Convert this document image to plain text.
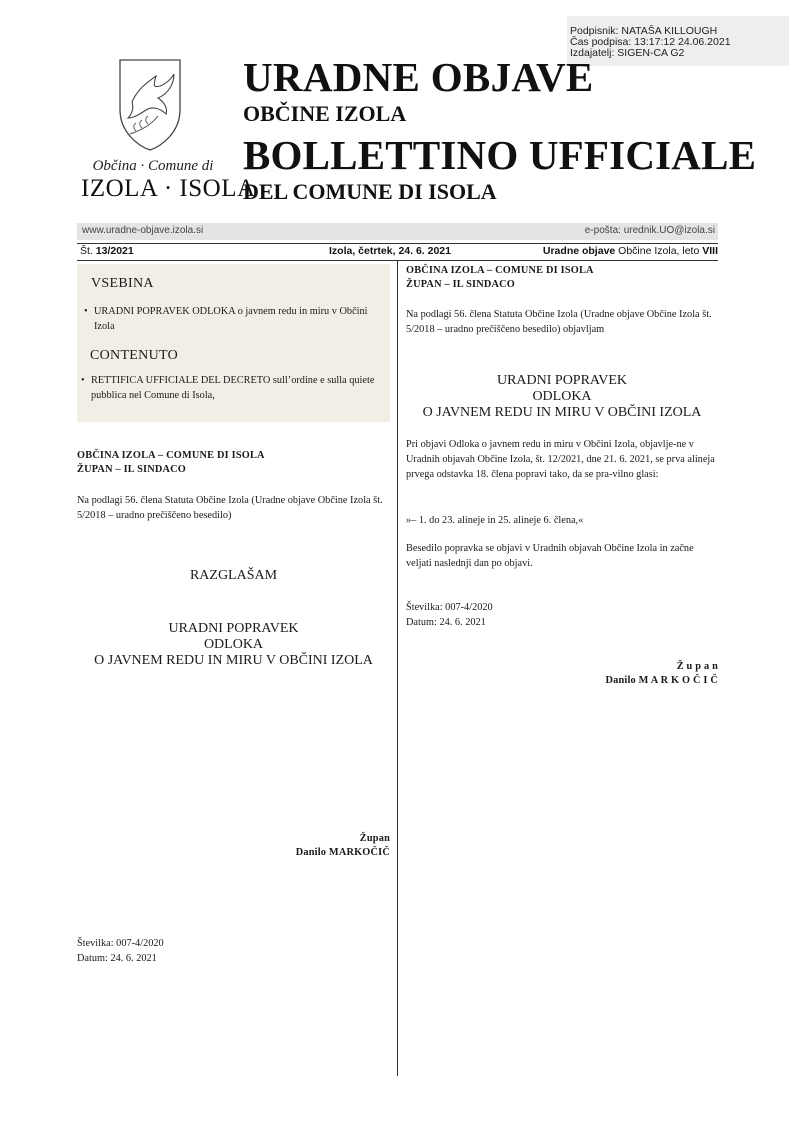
Podpisnik: NATAŠA KILLOUGH
Čas podpisa: 13:17:12 24.06.2021
Izdajatelj: SIGEN-CA G2
Občina · Comune di
IZOLA · ISOLA
URADNE OBJAVE
OBČINE IZOLA
BOLLETTINO UFFICIALE
DEL COMUNE DI ISOLA
www.uradne-objave.izola.si	e-pošta: urednik.UO@izola.si
Št. 13/2021	Izola, četrtek, 24. 6. 2021	Uradne objave Občine Izola, leto VIII
VSEBINA
• URADNI POPRAVEK ODLOKA o javnem redu in miru v Občini Izola
CONTENUTO
• RETTIFICA UFFICIALE DEL DECRETO sull’ordine e sulla quiete pubblica nel Comune di Isola,
OBČINA IZOLA – COMUNE DI ISOLA
ŽUPAN – IL SINDACO
Na podlagi 56. člena Statuta Občine Izola (Uradne objave Občine Izola št. 5/2018 – uradno prečiščeno besedilo)
RAZGLAŠAM
URADNI POPRAVEK
ODLOKA
O JAVNEM REDU IN MIRU V OBČINI IZOLA
Župan
Danilo MARKOČIČ
Številka: 007-4/2020
Datum: 24. 6. 2021
OBČINA IZOLA – COMUNE DI ISOLA
ŽUPAN – IL SINDACO
Na podlagi 56. člena Statuta Občine Izola (Uradne objave Občine Izola št. 5/2018 – uradno prečiščeno besedilo) objavljam
URADNI POPRAVEK
ODLOKA
O JAVNEM REDU IN MIRU V OBČINI IZOLA
Pri objavi Odloka o javnem redu in miru v Občini Izola, objavlje-ne v Uradnih objavah Občine Izola, št. 12/2021, dne 21. 6. 2021, se prva alineja prvega odstavka 18. člena popravi tako, da se pra-vilno glasi:
»– 1. do 23. alineje in 25. alineje 6. člena,«
Besedilo popravka se objavi v Uradnih objavah Občine Izola in začne veljati naslednji dan po objavi.
Številka: 007-4/2020
Datum: 24. 6. 2021
Ž u p a n
Danilo M A R K O Č I Č
